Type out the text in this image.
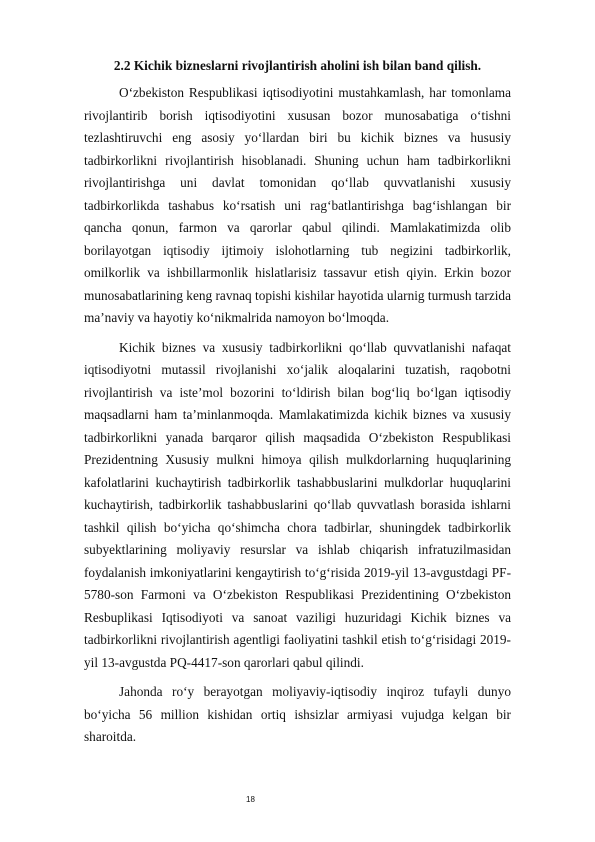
2.2 Kichik bizneslarni rivojlantirish aholini ish bilan band qilish.

O‘zbekiston Respublikasi iqtisodiyotini mustahkamlash, har tomonlama rivojlantirib borish iqtisodiyotini xususan bozor munosabatiga o‘tishni tezlashtiruvchi eng asosiy yo‘llardan biri bu kichik biznes va hususiy tadbirkorlikni rivojlantirish hisoblanadi. Shuning uchun ham tadbirkorlikni rivojlantirishga uni davlat tomonidan qo‘llab quvvatlanishi xususiy tadbirkorlikda tashabus ko‘rsatish uni rag‘batlantirishga bag‘ishlangan bir qancha qonun, farmon va qarorlar qabul qilindi. Mamlakatimizda olib borilayotgan iqtisodiy ijtimoiy islohotlarning tub negizini tadbirkorlik, omilkorlik va ishbillarmonlik hislatlarisiz tassavur etish qiyin. Erkin bozor munosabatlarining keng ravnaq topishi kishilar hayotida ularnig turmush tarzida ma’naviy va hayotiy ko‘nikmalrida namoyon bo‘lmoqda.

Kichik biznes va xususiy tadbirkorlikni qo‘llab quvvatlanishi nafaqat iqtisodiyotni mutassil rivojlanishi xo‘jalik aloqalarini tuzatish, raqobotni rivojlantirish va iste’mol bozorini to‘ldirish bilan bog‘liq bo‘lgan iqtisodiy maqsadlarni ham ta’minlanmoqda. Mamlakatimizda kichik biznes va xususiy tadbirkorlikni yanada barqaror qilish maqsadida O‘zbekiston Respublikasi Prezidentning Xususiy mulkni himoya qilish mulkdorlarning huquqlarining kafolatlarini kuchaytirish tadbirkorlik tashabbuslarini mulkdorlar huquqlarini kuchaytirish, tadbirkorlik tashabbuslarini qo‘llab quvvatlash borasida ishlarni tashkil qilish bo‘yicha qo‘shimcha chora tadbirlar, shuningdek tadbirkorlik subyektlarining moliyaviy resurslar va ishlab chiqarish infratuzilmasidan foydalanish imkoniyatlarini kengaytirish to‘g‘risida 2019-yil 13-avgustdagi PF-5780-son Farmoni va O‘zbekiston Respublikasi Prezidentining O‘zbekiston Resbuplikasi Iqtisodiyoti va sanoat vaziligi huzuridagi Kichik biznes va tadbirkorlikni rivojlantirish agentligi faoliyatini tashkil etish to‘g‘risidagi 2019-yil 13-avgustda PQ-4417-son qarorlari qabul qilindi.

Jahonda ro‘y berayotgan moliyaviy-iqtisodiy inqiroz tufayli dunyo bo‘yicha 56 million kishidan ortiq ishsizlar armiyasi vujudga kelgan bir sharoitda.

18
